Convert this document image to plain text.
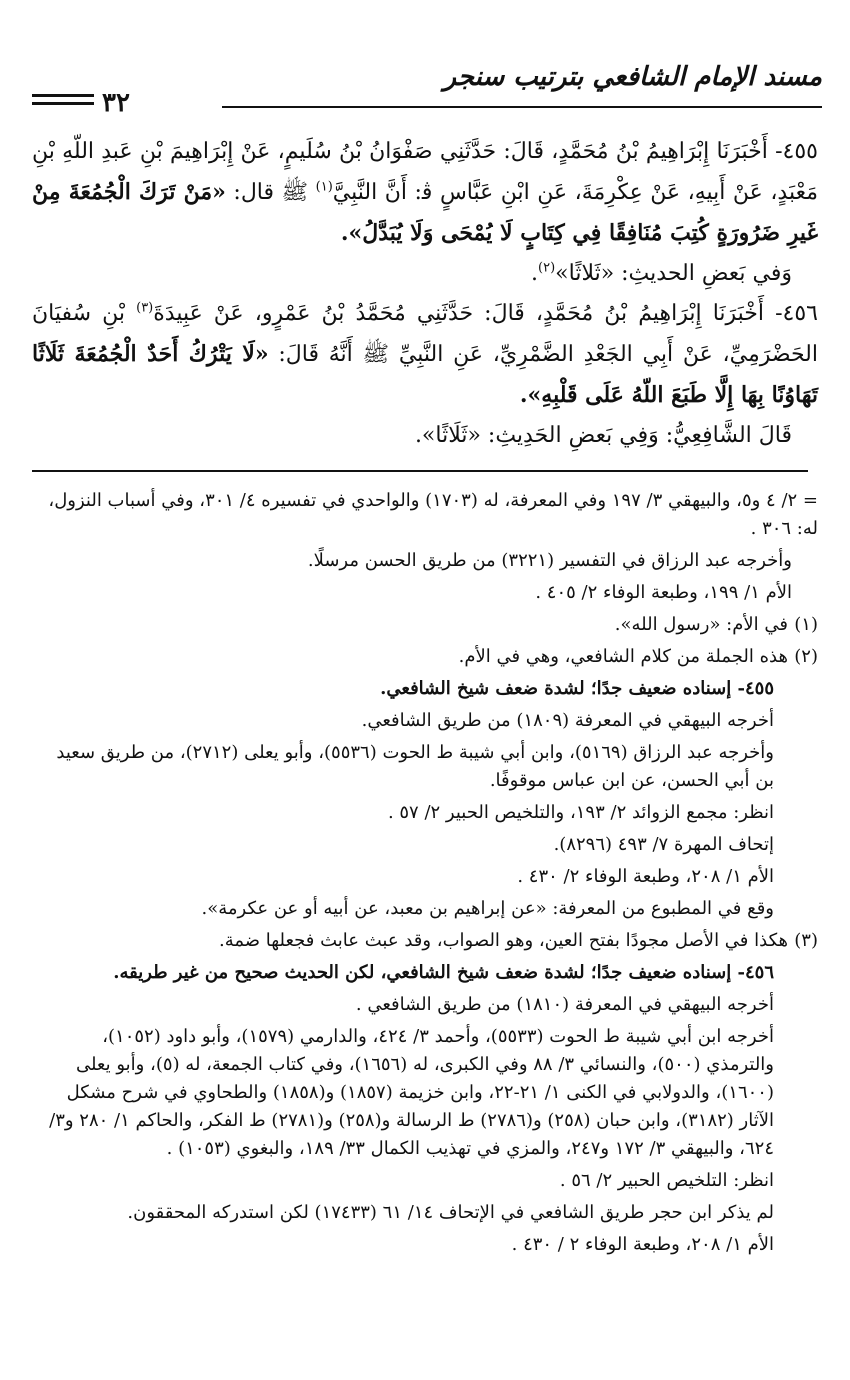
مسند الإمام الشافعي بترتيب سنجر
٣٢

٤٥٥- أَخْبَرَنَا إِبْرَاهِيمُ بْنُ مُحَمَّدٍ، قَالَ: حَدَّثَنِي صَفْوَانُ بْنُ سُلَيمٍ، عَنْ إِبْرَاهِيمَ بْنِ عَبدِ اللّهِ بْنِ مَعْبَدٍ، عَنْ أَبِيهِ، عَنْ عِكْرِمَةَ، عَنِ ابْنِ عَبَّاسٍ ﭬ: أَنَّ النَّبِيَّ$^{(١)}$ ﷺ قال: «مَنْ تَرَكَ الْجُمُعَةَ مِنْ غَيرِ ضَرُورَةٍ كُتِبَ مُنَافِقًا فِي كِتَابٍ لَا يُمْحَى وَلَا يُبَدَّلُ».

وَفي بَعضِ الحديثِ: «ثَلاثًا»$^{(٢)}$.

٤٥٦- أَخْبَرَنَا إِبْرَاهِيمُ بْنُ مُحَمَّدٍ، قَالَ: حَدَّثَنِي مُحَمَّدُ بْنُ عَمْرٍو، عَنْ عَبِيدَةَ$^{(٣)}$ بْنِ سُفيَانَ الحَضْرَمِيِّ، عَنْ أَبِي الجَعْدِ الضَّمْرِيِّ، عَنِ النَّبِيِّ ﷺ أَنَّهُ قَالَ: «لَا يَتْرُكُ أَحَدٌ الْجُمُعَةَ ثَلَاثًا تَهَاوُنًا بِهَا إِلَّا طَبَعَ اللّهُ عَلَى قَلْبِهِ».

قَالَ الشَّافِعِيُّ: وَفِي بَعضِ الحَدِيثِ: «ثَلَاثًا».

= ٢/ ٤ و٥، والبيهقي ٣/ ١٩٧ وفي المعرفة، له (١٧٠٣) والواحدي في تفسيره ٤/ ٣٠١، وفي أسباب النزول، له: ٣٠٦ .

وأخرجه عبد الرزاق في التفسير (٣٢٢١) من طريق الحسن مرسلًا.

الأم ١/ ١٩٩، وطبعة الوفاء ٢/ ٤٠٥ .

(١)في الأم: «رسول الله».

(٢)هذه الجملة من كلام الشافعي، وهي في الأم.

٤٥٥- إسناده ضعيف جدًا؛ لشدة ضعف شيخ الشافعي.

أخرجه البيهقي في المعرفة (١٨٠٩) من طريق الشافعي.

وأخرجه عبد الرزاق (٥١٦٩)، وابن أبي شيبة ط الحوت (٥٥٣٦)، وأبو يعلى (٢٧١٢)، من طريق سعيد بن أبي الحسن، عن ابن عباس موقوفًا.

انظر: مجمع الزوائد ٢/ ١٩٣، والتلخيص الحبير ٢/ ٥٧ .

إتحاف المهرة ٧/ ٤٩٣ (٨٢٩٦).

الأم ١/ ٢٠٨، وطبعة الوفاء ٢/ ٤٣٠ .

وقع في المطبوع من المعرفة: «عن إبراهيم بن معبد، عن أبيه أو عن عكرمة».

(٣)هكذا في الأصل مجودًا بفتح العين، وهو الصواب، وقد عبث عابث فجعلها ضمة.

٤٥٦- إسناده ضعيف جدًا؛ لشدة ضعف شيخ الشافعي، لكن الحديث صحيح من غير طريقه.

أخرجه البيهقي في المعرفة (١٨١٠) من طريق الشافعي .

أخرجه ابن أبي شيبة ط الحوت (٥٥٣٣)، وأحمد ٣/ ٤٢٤، والدارمي (١٥٧٩)، وأبو داود (١٠٥٢)، والترمذي (٥٠٠)، والنسائي ٣/ ٨٨ وفي الكبرى، له (١٦٥٦)، وفي كتاب الجمعة، له (٥)، وأبو يعلى (١٦٠٠)، والدولابي في الكنى ١/ ٢١-٢٢، وابن خزيمة (١٨٥٧) و(١٨٥٨) والطحاوي في شرح مشكل الآثار (٣١٨٢)، وابن حبان (٢٥٨) و(٢٧٨٦) ط الرسالة و(٢٥٨) و(٢٧٨١) ط الفكر، والحاكم ١/ ٢٨٠ و٣/ ٦٢٤، والبيهقي ٣/ ١٧٢ و٢٤٧، والمزي في تهذيب الكمال ٣٣/ ١٨٩، والبغوي (١٠٥٣) .

انظر: التلخيص الحبير ٢/ ٥٦ .

لم يذكر ابن حجر طريق الشافعي في الإتحاف ١٤/ ٦١ (١٧٤٣٣) لكن استدركه المحققون.

الأم ١/ ٢٠٨، وطبعة الوفاء ٢ / ٤٣٠ .
